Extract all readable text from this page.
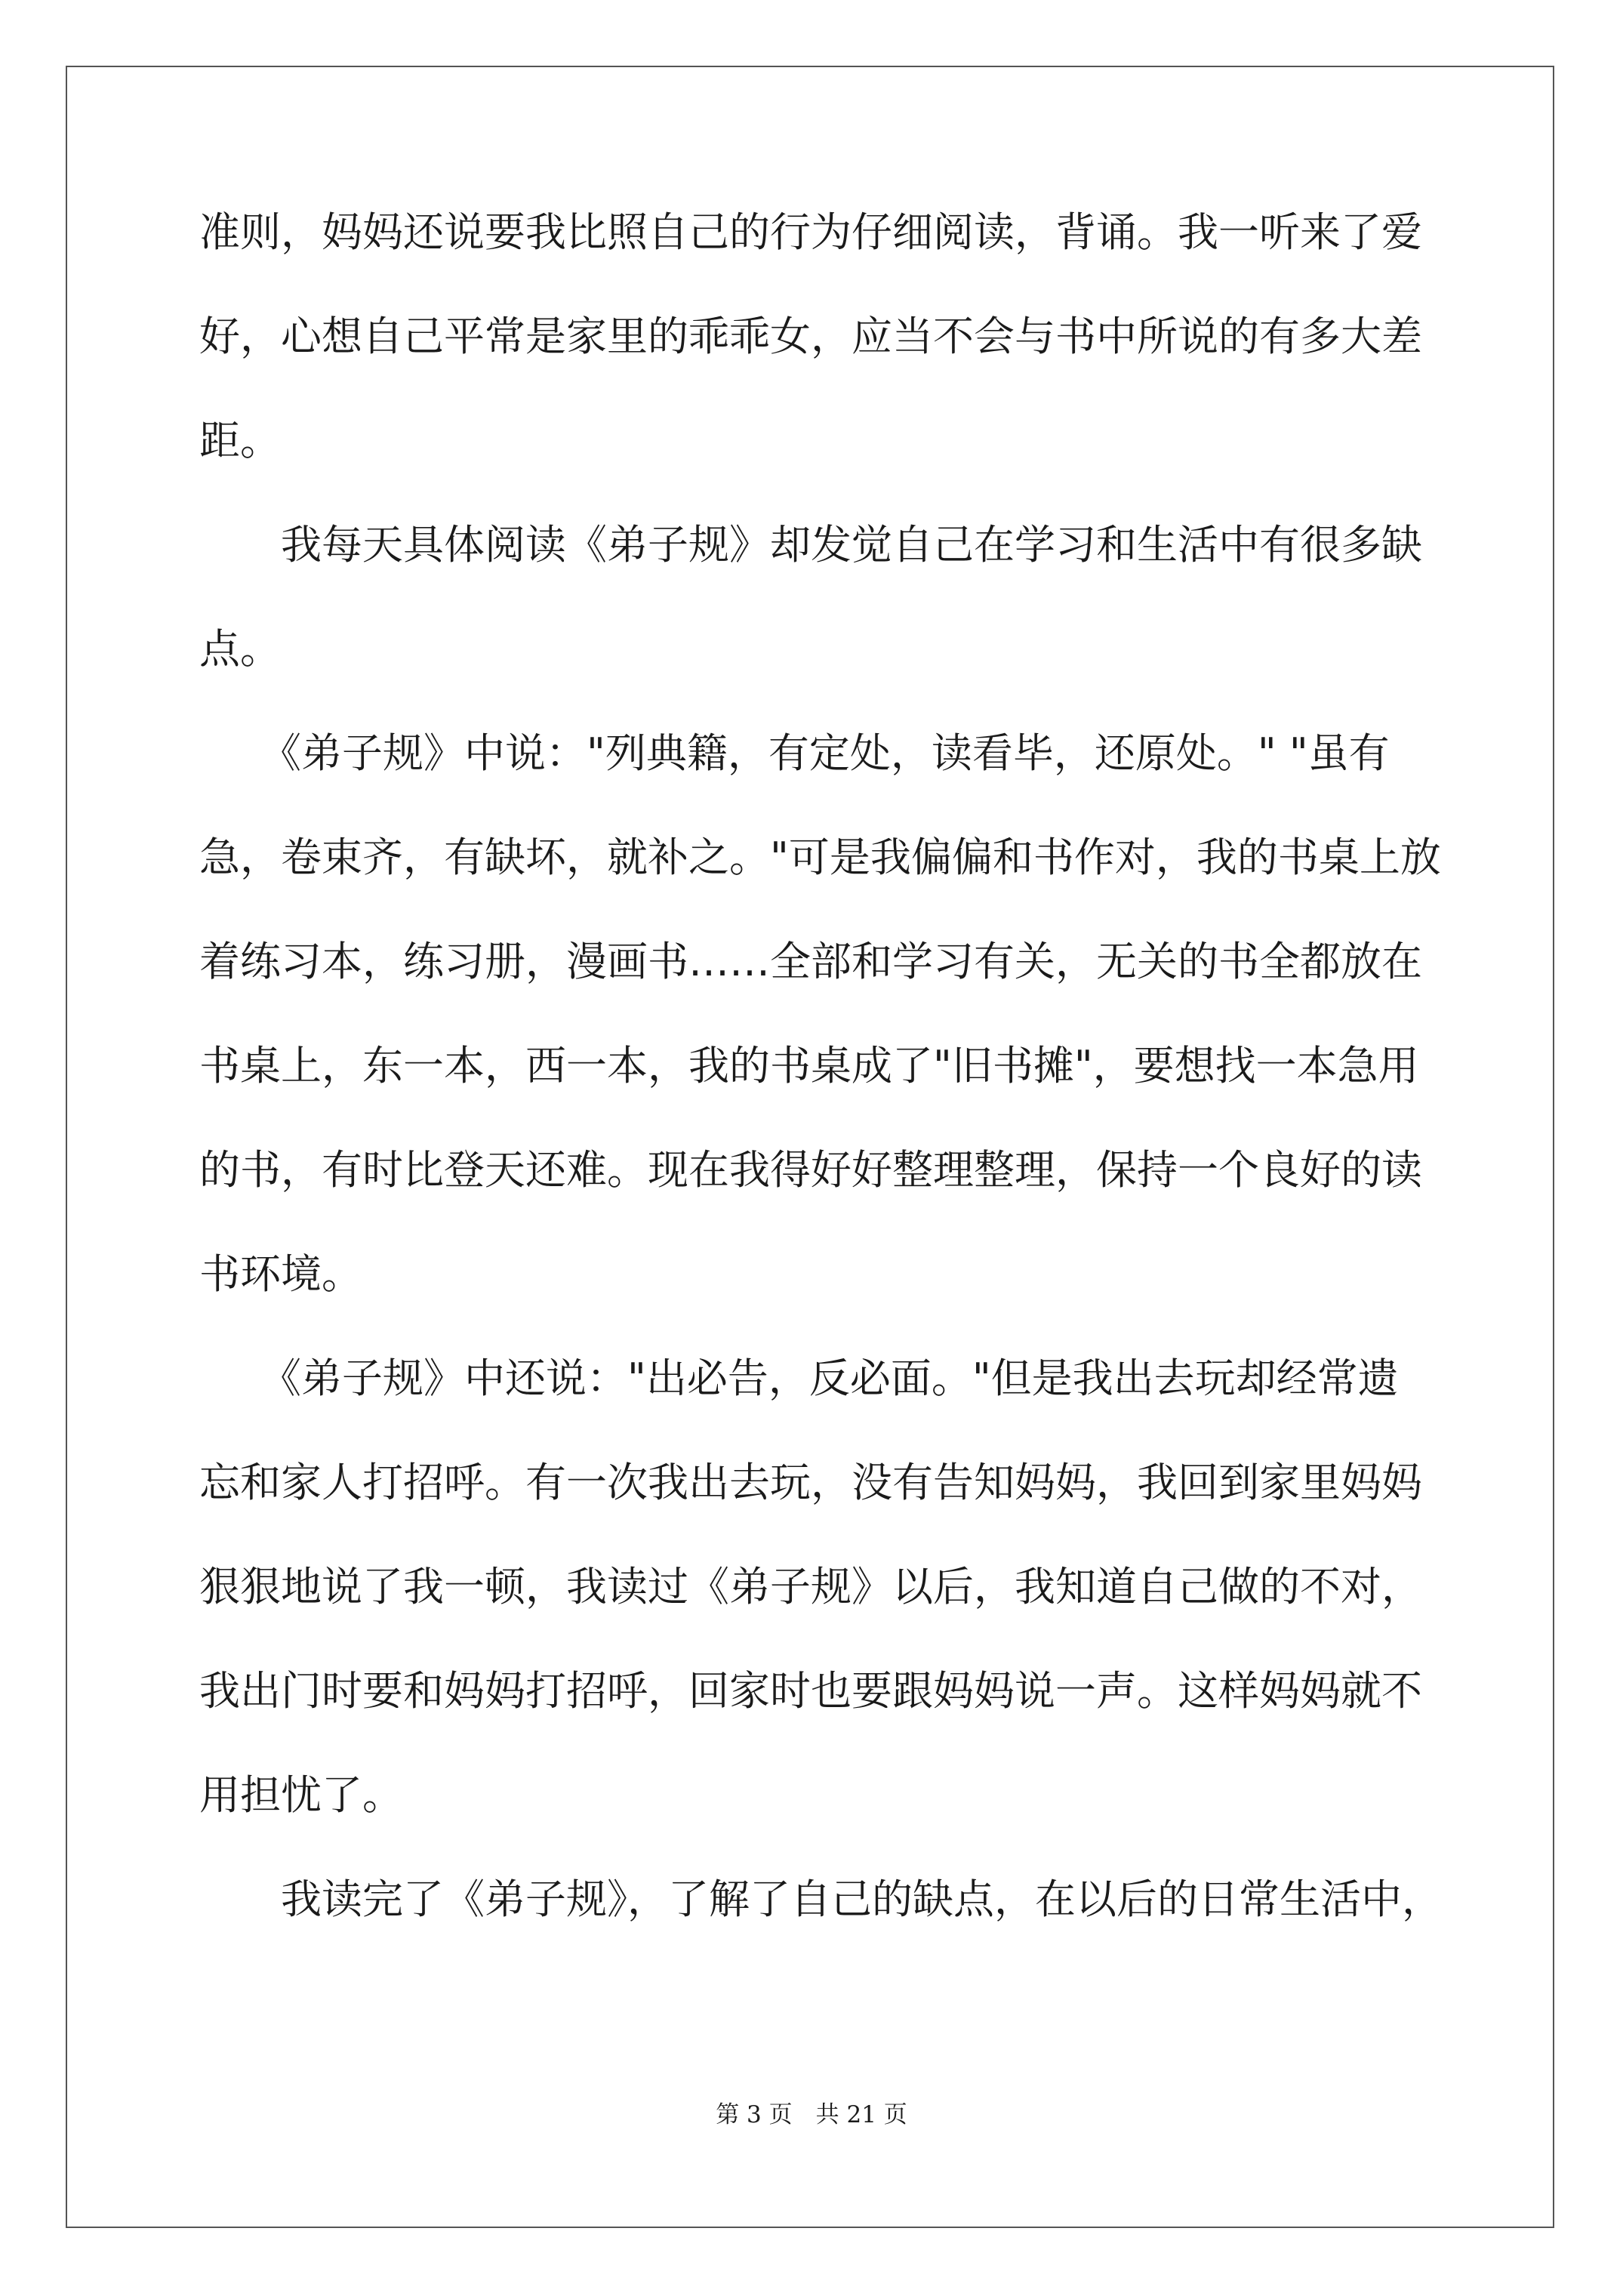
准则，妈妈还说要我比照自己的行为仔细阅读，背诵。我一听来了爱
好，心想自己平常是家里的乖乖女，应当不会与书中所说的有多大差
距。
　　我每天具体阅读《弟子规》却发觉自己在学习和生活中有很多缺
点。
　　《弟子规》中说："列典籍，有定处，读看毕，还原处。" "虽有
急，卷束齐，有缺坏，就补之。"可是我偏偏和书作对，我的书桌上放
着练习本，练习册，漫画书……全部和学习有关，无关的书全都放在
书桌上，东一本，西一本，我的书桌成了"旧书摊"，要想找一本急用
的书，有时比登天还难。现在我得好好整理整理，保持一个良好的读
书环境。
　　《弟子规》中还说："出必告，反必面。"但是我出去玩却经常遗
忘和家人打招呼。有一次我出去玩，没有告知妈妈，我回到家里妈妈
狠狠地说了我一顿，我读过《弟子规》以后，我知道自己做的不对，
我出门时要和妈妈打招呼，回家时也要跟妈妈说一声。这样妈妈就不
用担忧了。
　　我读完了《弟子规》，了解了自己的缺点，在以后的日常生活中，
第 3 页　共 21 页
